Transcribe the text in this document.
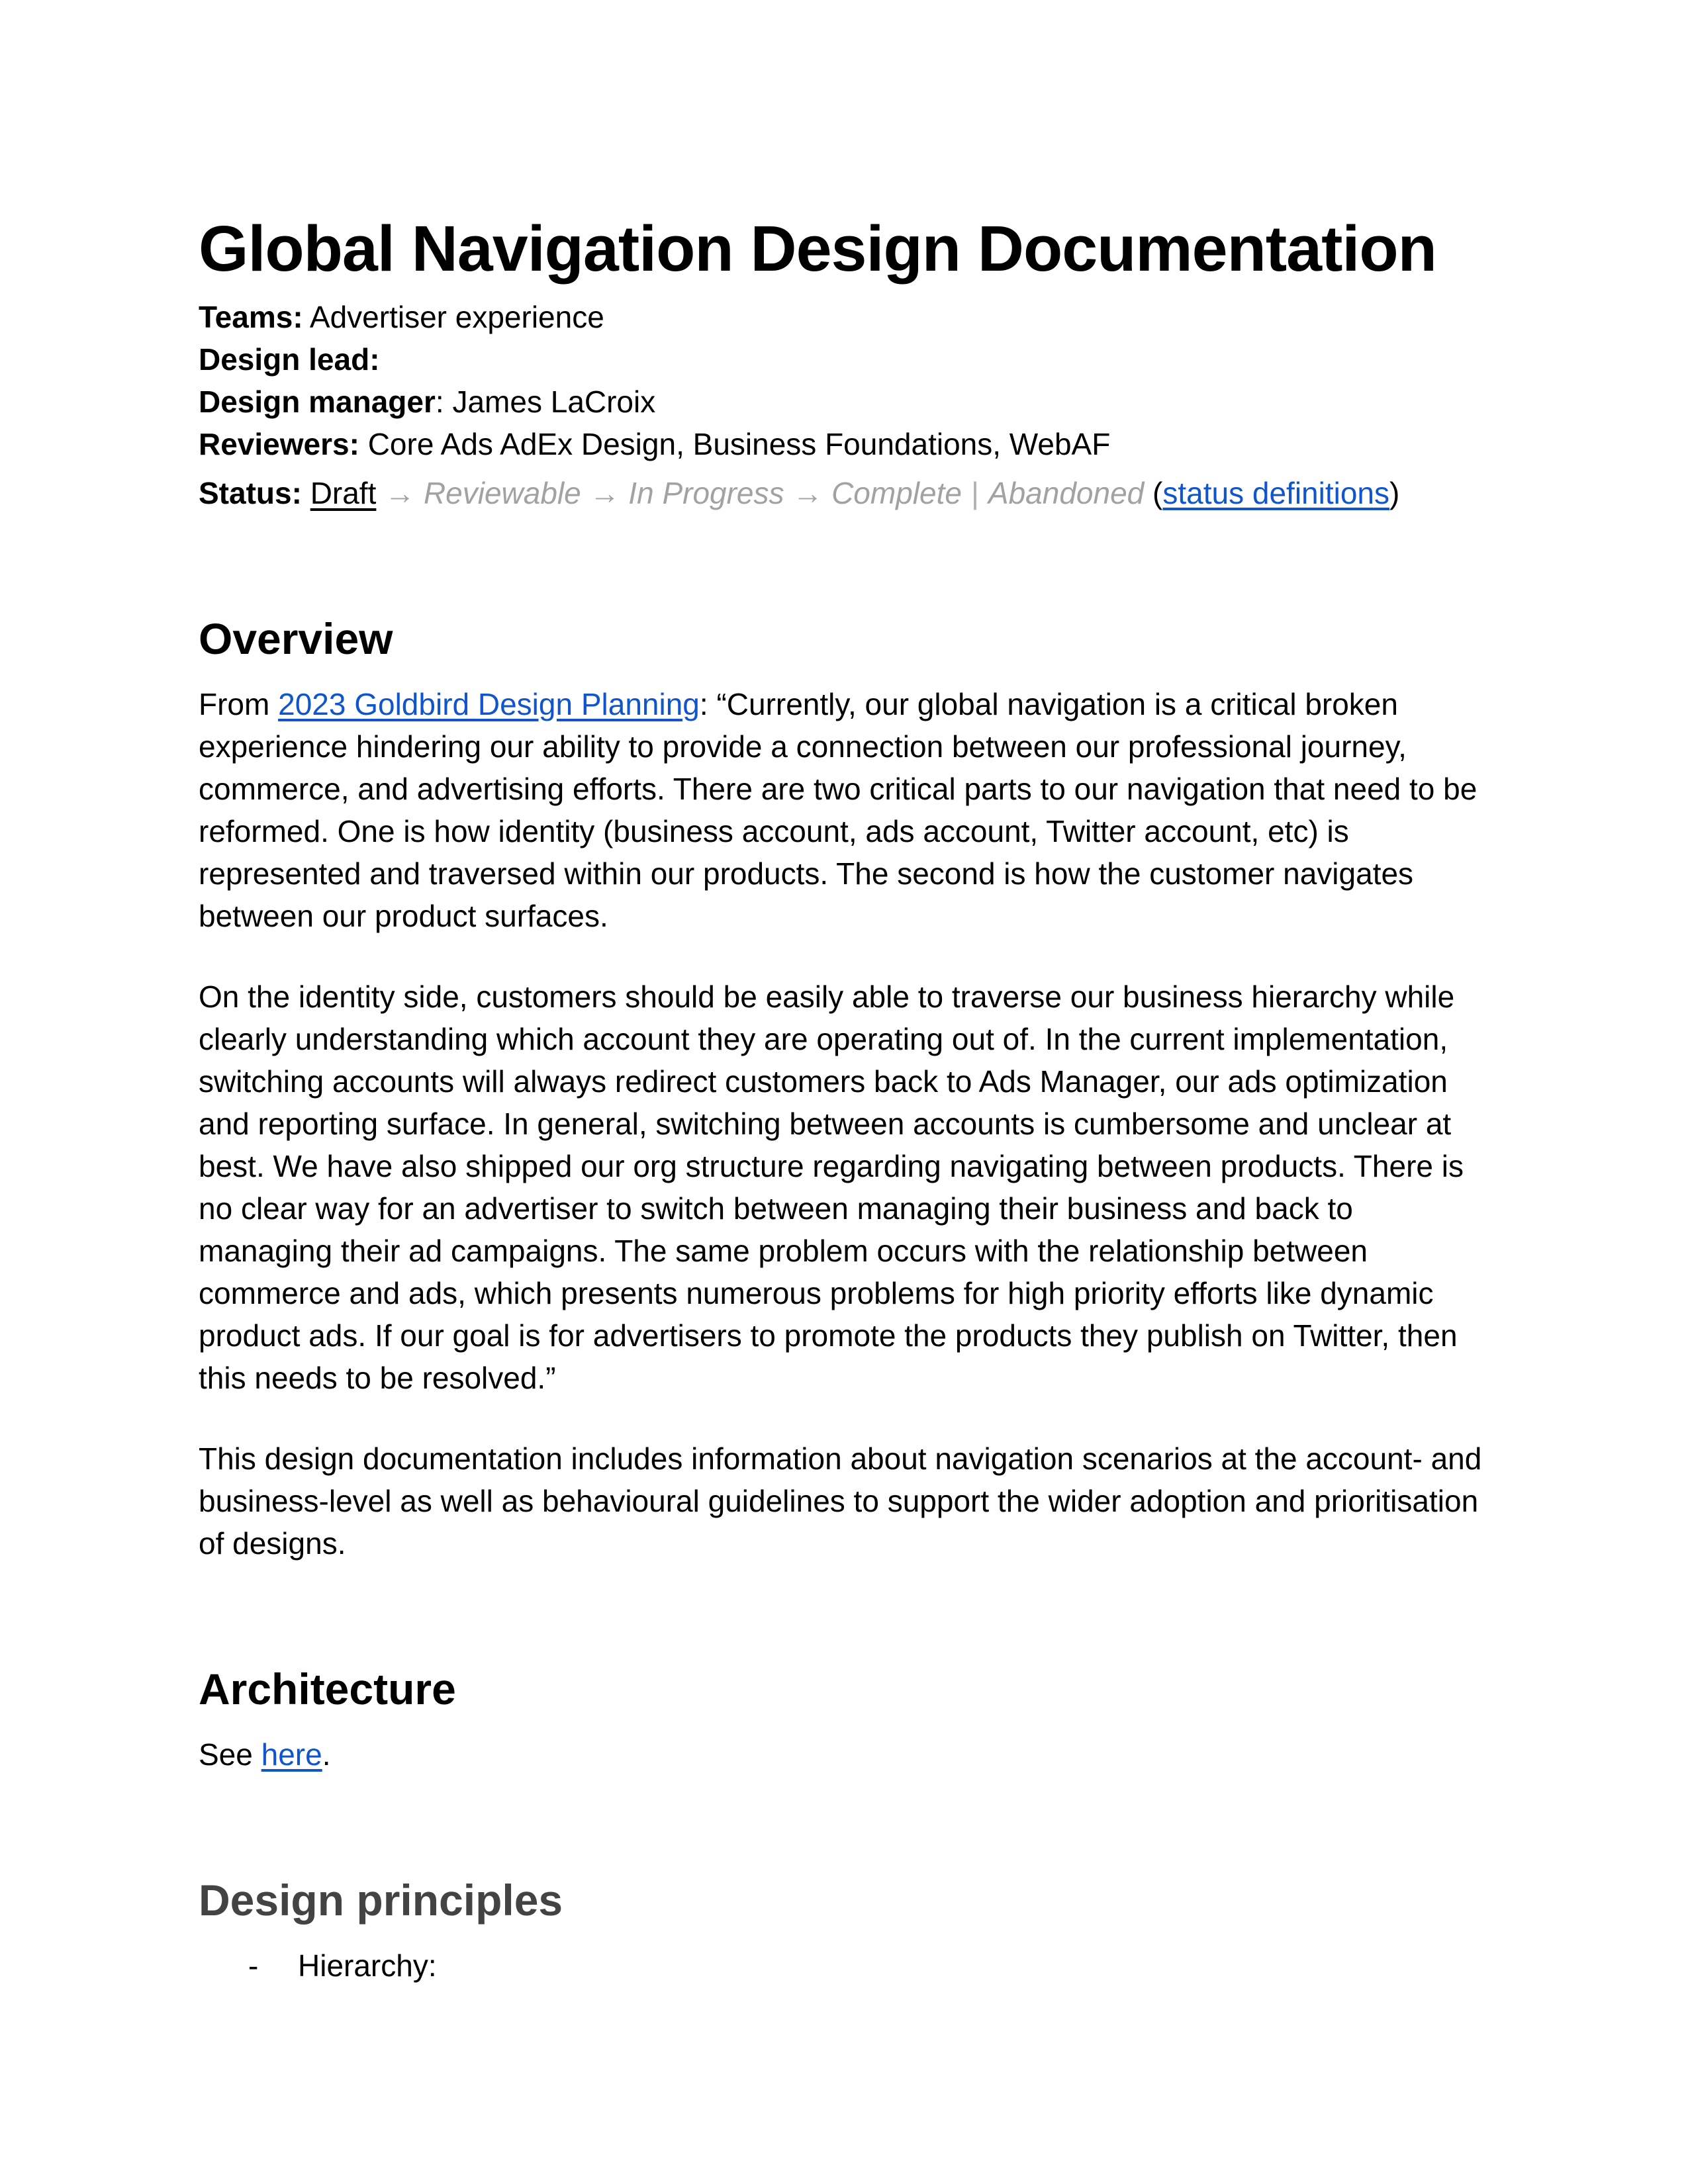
Global Navigation Design Documentation

Teams: Advertiser experience

Design lead:

Design manager: James LaCroix

Reviewers: Core Ads AdEx Design, Business Foundations, WebAF

Status: Draft → Reviewable → In Progress → Complete | Abandoned (status definitions)

Overview

From 2023 Goldbird Design Planning: “Currently, our global navigation is a critical broken experience hindering our ability to provide a connection between our professional journey, commerce, and advertising efforts. There are two critical parts to our navigation that need to be reformed. One is how identity (business account, ads account, Twitter account, etc) is represented and traversed within our products. The second is how the customer navigates between our product surfaces.

On the identity side, customers should be easily able to traverse our business hierarchy while clearly understanding which account they are operating out of. In the current implementation, switching accounts will always redirect customers back to Ads Manager, our ads optimization and reporting surface. In general, switching between accounts is cumbersome and unclear at best. We have also shipped our org structure regarding navigating between products. There is no clear way for an advertiser to switch between managing their business and back to managing their ad campaigns. The same problem occurs with the relationship between commerce and ads, which presents numerous problems for high priority efforts like dynamic product ads. If our goal is for advertisers to promote the products they publish on Twitter, then this needs to be resolved.”

This design documentation includes information about navigation scenarios at the account- and business-level as well as behavioural guidelines to support the wider adoption and prioritisation of designs.

Architecture

See here.

Design principles
-	Hierarchy:
